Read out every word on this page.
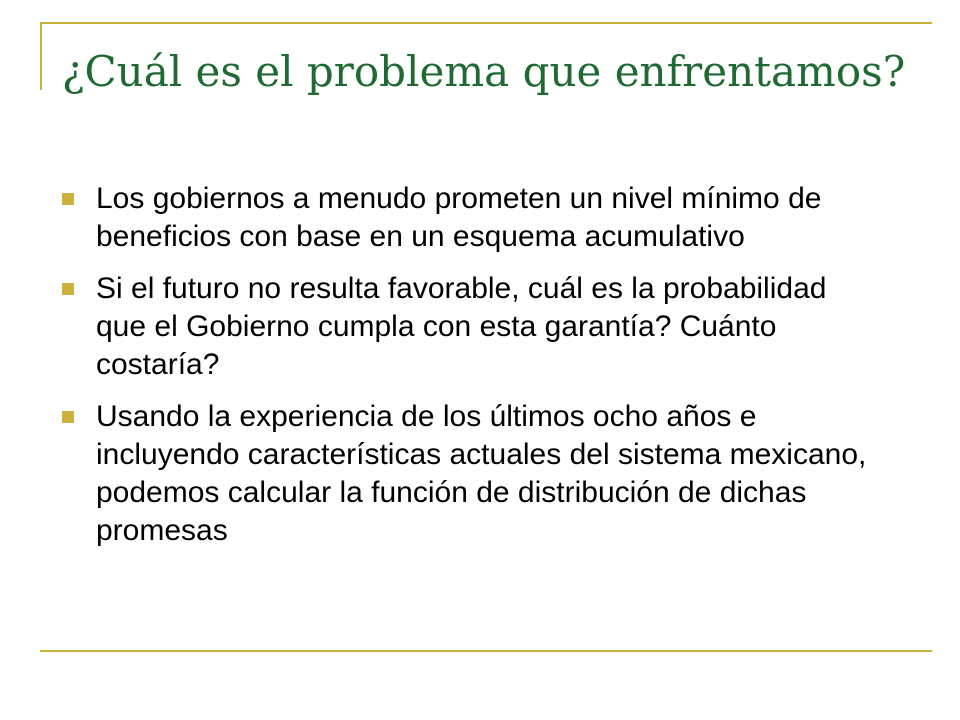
¿Cuál es el problema que enfrentamos?
Los gobiernos a menudo prometen un nivel mínimo de beneficios con base en un esquema acumulativo
Si el futuro no resulta favorable, cuál es la probabilidad que el Gobierno cumpla con esta garantía? Cuánto costaría?
Usando la experiencia de los últimos ocho años e incluyendo características actuales del sistema mexicano, podemos calcular la función de distribución de dichas promesas
